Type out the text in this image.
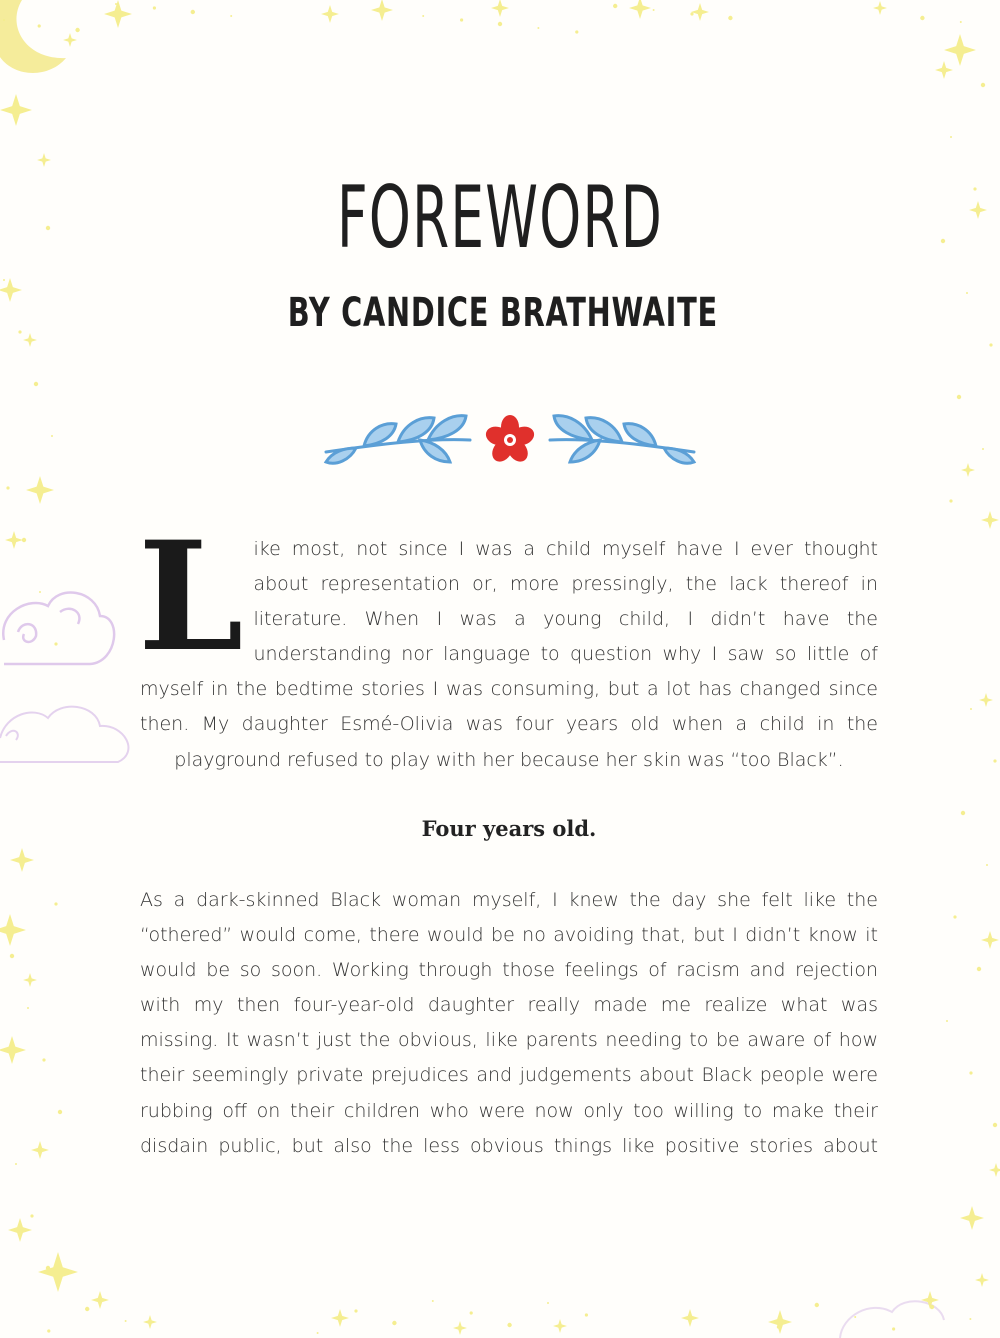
FOREWORD
BY CANDICE BRATHWAITE
Like most, not since I was a child myself have I ever thought about representation or, more pressingly, the lack thereof in literature. When I was a young child, I didn’t have the understanding nor language to question why I saw so little of myself in the bedtime stories I was consuming, but a lot has changed since then. My daughter Esmé-Olivia was four years old when a child in the playground refused to play with her because her skin was “too Black”.
Four years old.
As a dark-skinned Black woman myself, I knew the day she felt like the “othered” would come, there would be no avoiding that, but I didn’t know it would be so soon. Working through those feelings of racism and rejection with my then four-year-old daughter really made me realize what was missing. It wasn’t just the obvious, like parents needing to be aware of how their seemingly private prejudices and judgements about Black people were rubbing off on their children who were now only too willing to make their disdain public, but also the less obvious things like positive stories about
